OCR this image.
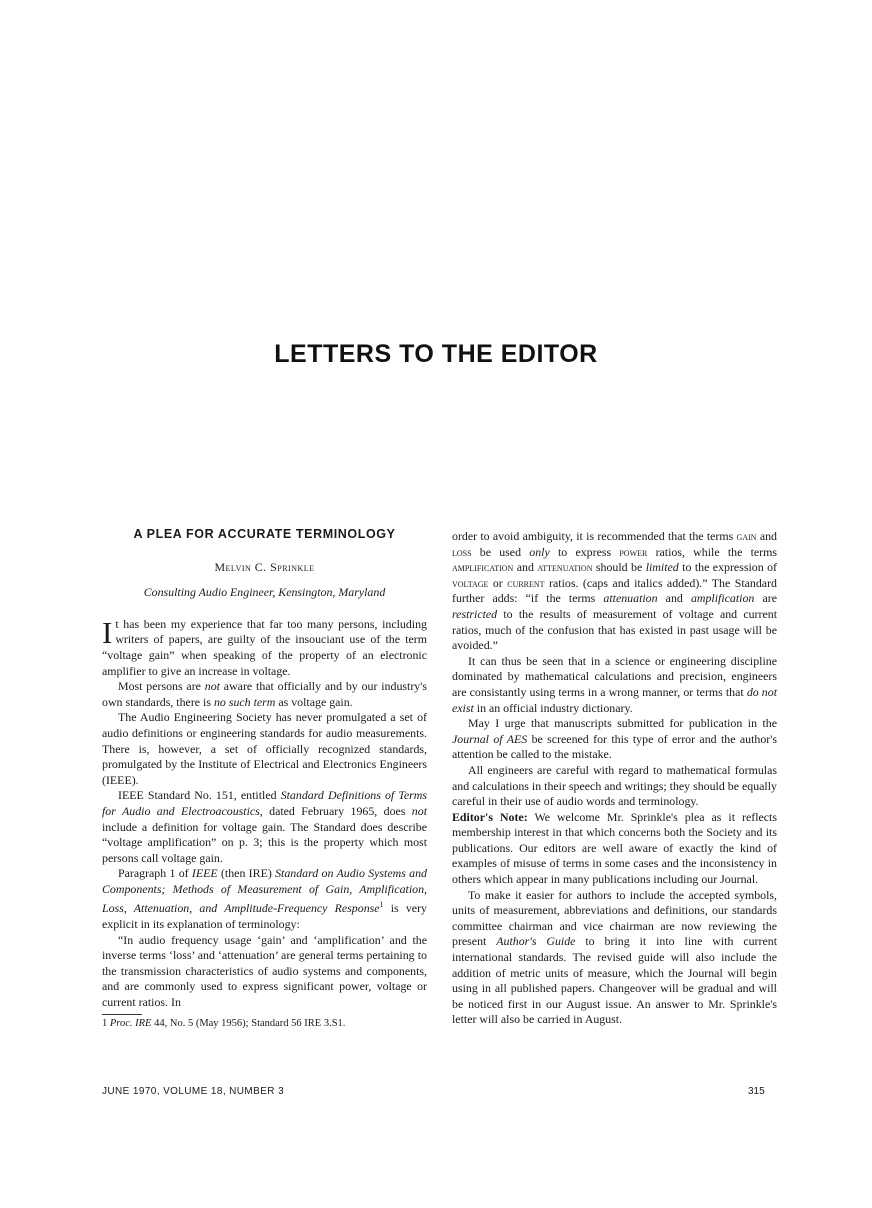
LETTERS TO THE EDITOR
A PLEA FOR ACCURATE TERMINOLOGY
Melvin C. Sprinkle
Consulting Audio Engineer, Kensington, Maryland

It has been my experience that far too many persons, including writers of papers, are guilty of the insouciant use of the term “voltage gain” when speaking of the property of an electronic amplifier to give an increase in voltage.

Most persons are not aware that officially and by our industry's own standards, there is no such term as voltage gain.

The Audio Engineering Society has never promulgated a set of audio definitions or engineering standards for audio measurements. There is, however, a set of officially recognized standards, promulgated by the Institute of Electrical and Electronics Engineers (IEEE).

IEEE Standard No. 151, entitled Standard Definitions of Terms for Audio and Electroacoustics, dated February 1965, does not include a definition for voltage gain. The Standard does describe “voltage amplification” on p. 3; this is the property which most persons call voltage gain.

Paragraph 1 of IEEE (then IRE) Standard on Audio Systems and Components; Methods of Measurement of Gain, Amplification, Loss, Attenuation, and Amplitude-Frequency Response$^1$ is very explicit in its explanation of terminology:

“In audio frequency usage ‘gain’ and ‘amplification’ and the inverse terms ‘loss’ and ‘attenuation’ are general terms pertaining to the transmission characteristics of audio systems and components, and are commonly used to express significant power, voltage or current ratios. In

1 Proc. IRE 44, No. 5 (May 1956); Standard 56 IRE 3.S1.

order to avoid ambiguity, it is recommended that the terms gain and loss be used only to express power ratios, while the terms amplification and attenuation should be limited to the expression of voltage or current ratios. (caps and italics added).” The Standard further adds: “if the terms attenuation and amplification are restricted to the results of measurement of voltage and current ratios, much of the confusion that has existed in past usage will be avoided.”

It can thus be seen that in a science or engineering discipline dominated by mathematical calculations and precision, engineers are consistantly using terms in a wrong manner, or terms that do not exist in an official industry dictionary.

May I urge that manuscripts submitted for publication in the Journal of AES be screened for this type of error and the author's attention be called to the mistake.

All engineers are careful with regard to mathematical formulas and calculations in their speech and writings; they should be equally careful in their use of audio words and terminology.

Editor's Note: We welcome Mr. Sprinkle's plea as it reflects membership interest in that which concerns both the Society and its publications. Our editors are well aware of exactly the kind of examples of misuse of terms in some cases and the inconsistency in others which appear in many publications including our Journal.

To make it easier for authors to include the accepted symbols, units of measurement, abbreviations and definitions, our standards committee chairman and vice chairman are now reviewing the present Author's Guide to bring it into line with current international standards. The revised guide will also include the addition of metric units of measure, which the Journal will begin using in all published papers. Changeover will be gradual and will be noticed first in our August issue. An answer to Mr. Sprinkle's letter will also be carried in August.

JUNE 1970, VOLUME 18, NUMBER 3	315
